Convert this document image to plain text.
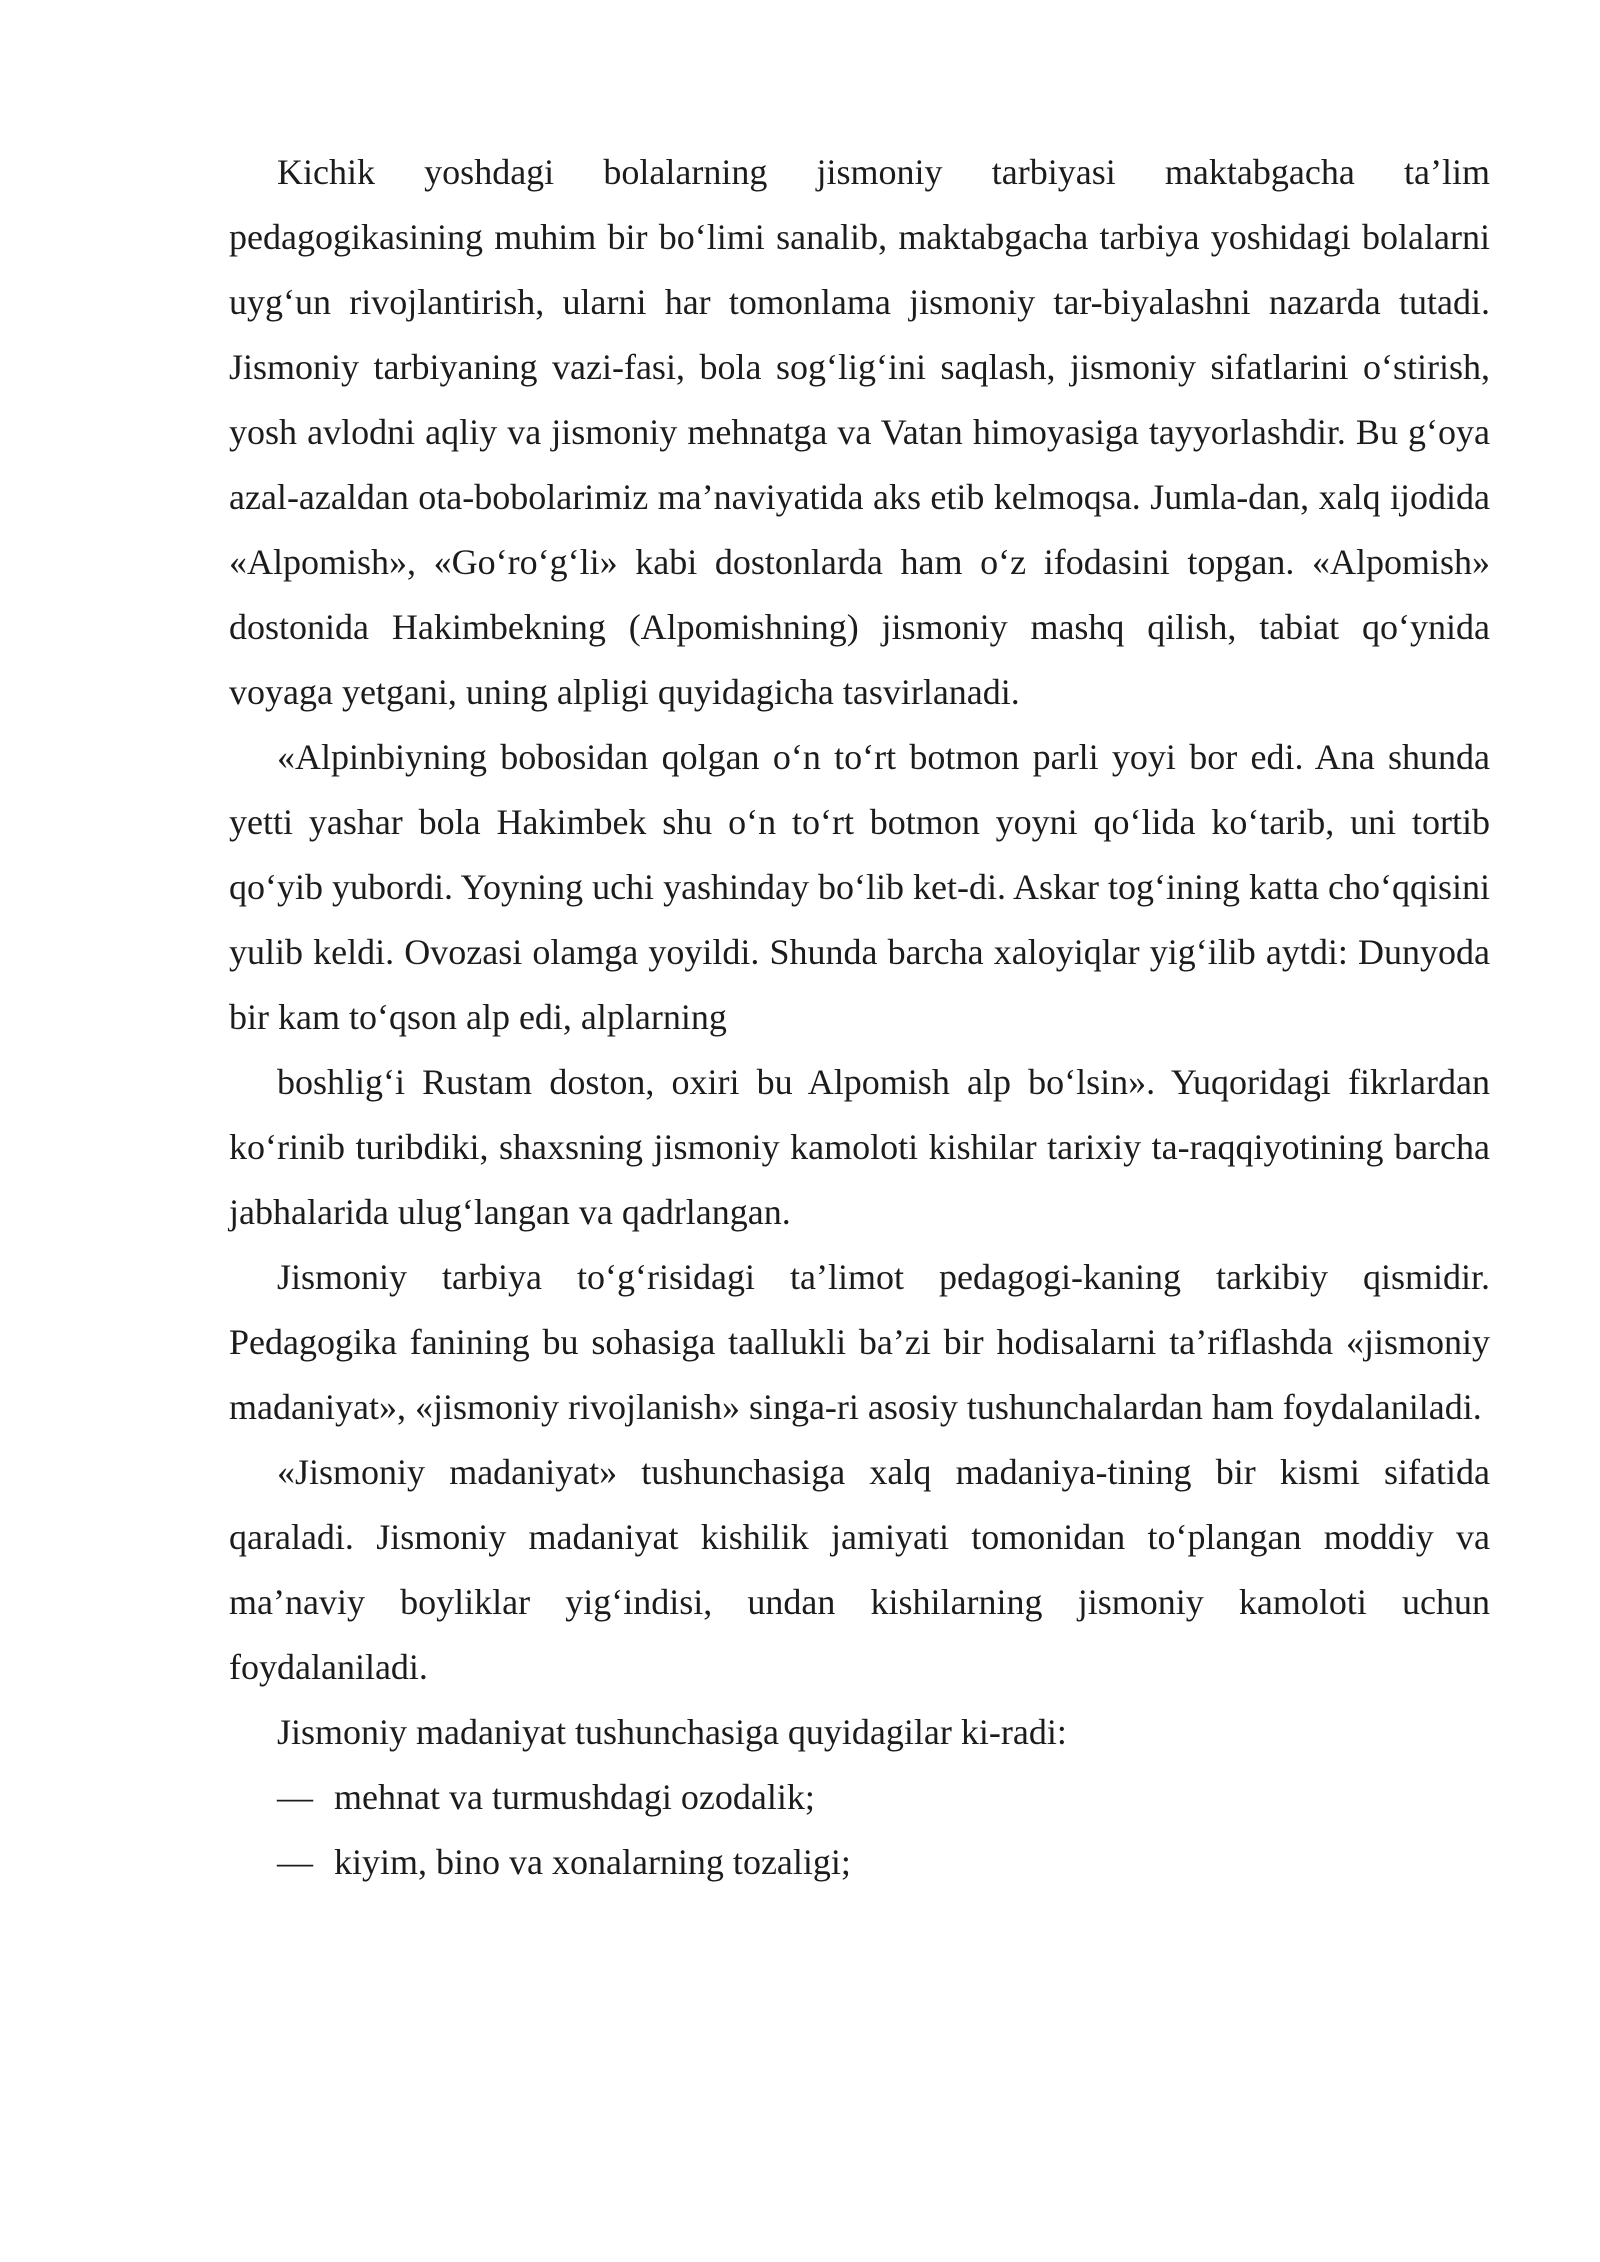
Kichik yoshdagi bolalarning jismoniy tarbiyasi maktabgacha ta’lim pedagogikasining muhim bir bo‘limi sanalib, maktabgacha tarbiya yoshidagi bolalarni uyg‘un rivojlantirish, ularni har tomonlama jismoniy tar-biyalashni nazarda tutadi. Jismoniy tarbiyaning vazi-fasi, bola sog‘lig‘ini saqlash, jismoniy sifatlarini o‘stirish, yosh avlodni aqliy va jismoniy mehnatga va Vatan himoyasiga tayyorlashdir. Bu g‘oya azal-azaldan ota-bobolarimiz ma’naviyatida aks etib kelmoqsa. Jumla-dan, xalq ijodida «Alpomish», «Go‘ro‘g‘li» kabi dostonlarda ham o‘z ifodasini topgan. «Alpomish» dostonida Hakimbekning (Alpomishning) jismoniy mashq qilish, tabiat qo‘ynida voyaga yetgani, uning alpligi quyidagicha tasvirlanadi.

«Alpinbiyning bobosidan qolgan o‘n to‘rt botmon parli yoyi bor edi. Ana shunda yetti yashar bola Hakimbek shu o‘n to‘rt botmon yoyni qo‘lida ko‘tarib, uni tortib qo‘yib yubordi. Yoyning uchi yashinday bo‘lib ket-di. Askar tog‘ining katta cho‘qqisini yulib keldi. Ovozasi olamga yoyildi. Shunda barcha xaloyiqlar yig‘ilib aytdi: Dunyoda bir kam to‘qson alp edi, alplarning

boshlig‘i Rustam doston, oxiri bu Alpomish alp bo‘lsin». Yuqoridagi fikrlardan ko‘rinib turibdiki, shaxsning jismoniy kamoloti kishilar tarixiy ta-raqqiyotining barcha jabhalarida ulug‘langan va qadrlangan.

Jismoniy tarbiya to‘g‘risidagi ta’limot pedagogi-kaning tarkibiy qismidir. Pedagogika fanining bu sohasiga taallukli ba’zi bir hodisalarni ta’riflashda «jismoniy madaniyat», «jismoniy rivojlanish» singa-ri asosiy tushunchalardan ham foydalaniladi.

«Jismoniy madaniyat» tushunchasiga xalq madaniya-tining bir kismi sifatida qaraladi. Jismoniy madaniyat kishilik jamiyati tomonidan to‘plangan moddiy va ma’naviy boyliklar yig‘indisi, undan kishilarning jismoniy kamoloti uchun foydalaniladi.

Jismoniy madaniyat tushunchasiga quyidagilar ki-radi:

— mehnat va turmushdagi ozodalik;
— kiyim, bino va xonalarning tozaligi;
